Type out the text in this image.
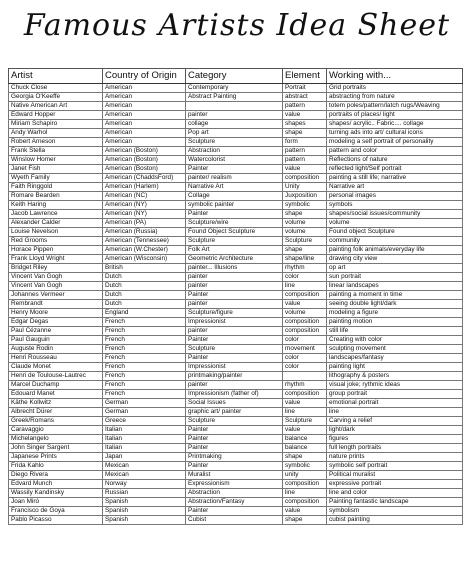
Famous Artists Idea Sheet
Artist	Country of Origin	Category	Element	Working with...
Chuck Close	American	Contemporary	Portrait	Grid portraits
Georgia O'Keeffe	American	Abstract Painting	abstract	abstracting from nature
Native American Art	American		pattern	totem poles/pattern/latch rugs/Weaving
Edward Hopper	American	painter	value	portraits of places/ light
Miriam Schapiro	American	collage	shapes	shapes/ acrylic.. Fabric.... collage
Andy Warhol	American	Pop art	shape	turning ads into art/ cultural icons
Robert Arneson	American	Sculpture	form	modeling a self portrait of personality
Frank Stella	American (Boston)	Abstraction	pattern	pattern and color
Winslow Homer	American (Boston)	Watercolorist	pattern	Reflections of nature
Janet Fish	American (Boston)	Painter	value	reflected light/Self portrait
Wyeth Family	American (ChaddsFord)	painter/ realism	composition	painting a still life; narrative
Faith Ringgold	American (Harlem)	Narrative Art	Unity	Narrative art
Romare Bearden	American (NC)	Collage	Juxposition	personal images
Keith Haring	American (NY)	symbolic painter	symbolic	symbols
Jacob Lawrence	American (NY)	Painter	shape	shapes/social issues/community
Alexander Calder	American (PA)	Sculpture/wire	volume	volume
Louise Nevelson	American (Russia)	Found Object Sculpture	volume	Found object Sculpture
Red Grooms	American (Tennessee)	Sculpture	Sculpture	community
Horace Pippen	American (W.Chester)	Folk Art	shape	painting folk animals/everyday life
Frank Lloyd Wright	American (Wisconsin)	Geometric Architecture	shape/line	drawing city view
Bridget Riley	British	painter... Illusions	rhythm	op art
Vincent Van Gogh	Dutch	painter	color	sun portrait
Vincent Van Gogh	Dutch	painter	line	linear landscapes
Johannes Vermeer	Dutch	Painter	composition	painting a moment in time
Rembrandt	Dutch	painter	value	seeing double light/dark
Henry Moore	England	Sculpture/figure	volume	modeling a figure
Edgar Degas	French	Impressionist	composition	painting motion
Paul Cézanne	French	painter	composition	still life
Paul Gauguin	French	Painter	color	Creating with color
Auguste Rodin	French	Sculpture	movement	sculpting movement
Henri Rousseau	French	Painter	color	landscapes/fantasy
Claude Monet	French	Impressionist	color	painting light
Henri de Toulouse-Lautrec	French	printmaking/painter		lithography & posters
Marcel Duchamp	French	painter	rhythm	visual joke; rythmic ideas
Edouard Manet	French	Impressionism (father of)	composition	group portrait
Käthe Kollwitz	German	Social Issues	value	emotional portrait
Albrecht Dürer	German	graphic art/ painter	line	line
Greek/Romans	Greece	Sculpture	Sculpture	Carving a relief
Caravaggio	Italian	Painter	value	light/dark
Michelangelo	Italian	Painter	balance	figures
John Singer Sargent	Italian	Painter	balance	full length portraits
Japanese Prints	Japan	Printmaking	shape	nature prints
Frida Kahlo	Mexican	Painter	symbolic	symbolic self portrait
Diego Rivera	Mexican	Muralist	unity	Political muralist
Edvard Munch	Norway	Expressionism	composition	expressive portrait
Wassily Kandinsky	Russian	Abstraction	line	line and color
Joan Miró	Spanish	Abstraction/Fantasy	composition	Painting fantastic landscape
Francisco de Goya	Spanish	Painter	value	symbolism
Pablo Picasso	Spanish	Cubist	shape	cubist painting
